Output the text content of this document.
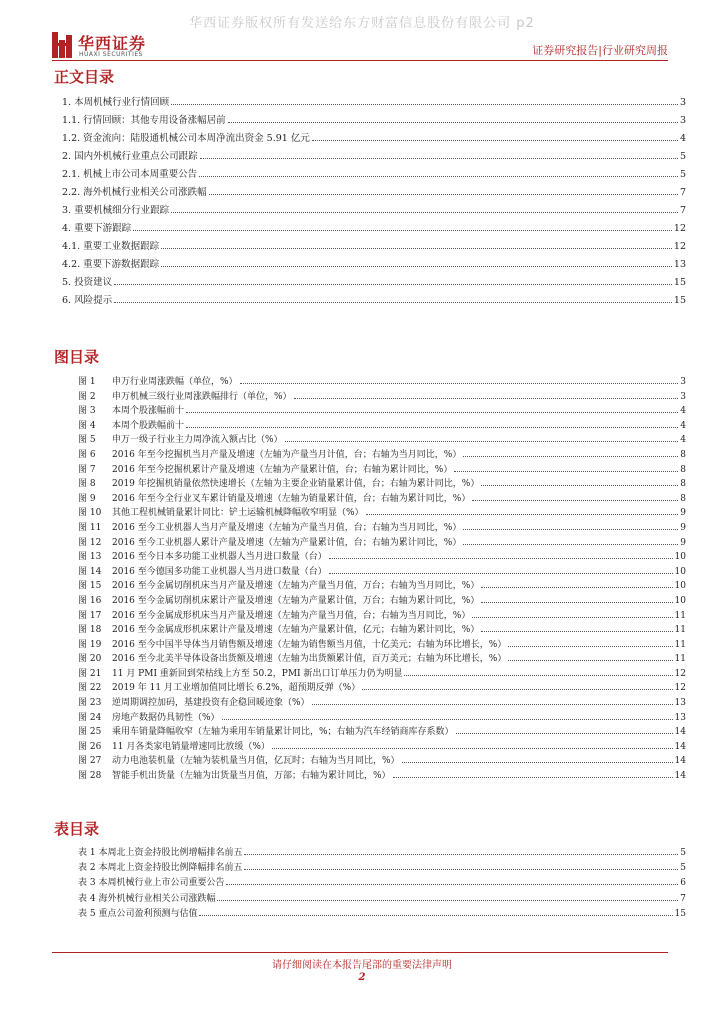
华西证券版权所有发送给东方财富信息股份有限公司 p2
华西证券
HUAXI SECURITIES	证券研究报告|行业研究周报
正文目录
1. 本周机械行业行情回顾	3
1.1. 行情回顾：其他专用设备涨幅居前	3
1.2. 资金流向：陆股通机械公司本周净流出资金 5.91 亿元	4
2. 国内外机械行业重点公司跟踪	5
2.1. 机械上市公司本周重要公告	5
2.2. 海外机械行业相关公司涨跌幅	7
3. 重要机械细分行业跟踪	7
4. 重要下游跟踪	12
4.1. 重要工业数据跟踪	12
4.2. 重要下游数据跟踪	13
5. 投资建议	15
6. 风险提示	15
图目录
图 1	申万行业周涨跌幅（单位，%）	3
图 2	申万机械三级行业周涨跌幅排行（单位，%）	3
图 3	本周个股涨幅前十	4
图 4	本周个股跌幅前十	4
图 5	申万一级子行业主力周净流入额占比（%）	4
图 6	2016 年至今挖掘机当月产量及增速（左轴为产量当月计值，台；右轴为当月同比，%）	8
图 7	2016 年至今挖掘机累计产量及增速（左轴为产量累计值，台；右轴为累计同比，%）	8
图 8	2019 年挖掘机销量依然快速增长（左轴为主要企业销量累计值，台；右轴为累计同比，%）	8
图 9	2016 年至今全行业叉车累计销量及增速（左轴为销量累计值，台；右轴为累计同比，%）	8
图 10	其他工程机械销量累计同比：铲土运输机械降幅收窄明显（%）	9
图 11	2016 至今工业机器人当月产量及增速（左轴为产量当月值，台；右轴为当月同比，%）	9
图 12	2016 至今工业机器人累计产量及增速（左轴为产量累计值，台；右轴为累计同比，%）	9
图 13	2016 至今日本多功能工业机器人当月进口数量（台）	10
图 14	2016 至今德国多功能工业机器人当月进口数量（台）	10
图 15	2016 至今金属切削机床当月产量及增速（左轴为产量当月值，万台；右轴为当月同比，%）	10
图 16	2016 至今金属切削机床累计产量及增速（左轴为产量累计值，万台；右轴为累计同比，%）	10
图 17	2016 至今金属成形机床当月产量及增速（左轴为产量当月值，台；右轴为当月同比，%）	11
图 18	2016 至今金属成形机床累计产量及增速（左轴为产量累计值，亿元；右轴为累计同比，%）	11
图 19	2016 至今中国半导体当月销售额及增速（左轴为销售额当月值，十亿美元；右轴为环比增长，%）	11
图 20	2016 至今北美半导体设备出货额及增速（左轴为出货额累计值，百万美元；右轴为环比增长，%）	11
图 21	11 月 PMI 重新回到荣枯线上方至 50.2，PMI 新出口订单压力仍为明显	12
图 22	2019 年 11 月工业增加值同比增长 6.2%，超预期反弹（%）	12
图 23	逆周期调控加码，基建投资有企稳回暖迹象（%）	13
图 24	房地产数据仍具韧性（%）	13
图 25	乘用车销量降幅收窄（左轴为乘用车销量累计同比，%；右轴为汽车经销商库存系数）	14
图 26	11 月各类家电销量增速同比放缓（%）	14
图 27	动力电池装机量（左轴为装机量当月值，亿瓦时；右轴为当月同比，%）	14
图 28	智能手机出货量（左轴为出货量当月值，万部；右轴为累计同比，%）	14
表目录
表 1 本周北上资金持股比例增幅排名前五	5
表 2 本周北上资金持股比例降幅排名前五	5
表 3 本周机械行业上市公司重要公告	6
表 4 海外机械行业相关公司涨跌幅	7
表 5 重点公司盈利预测与估值	15
请仔细阅读在本报告尾部的重要法律声明
2
